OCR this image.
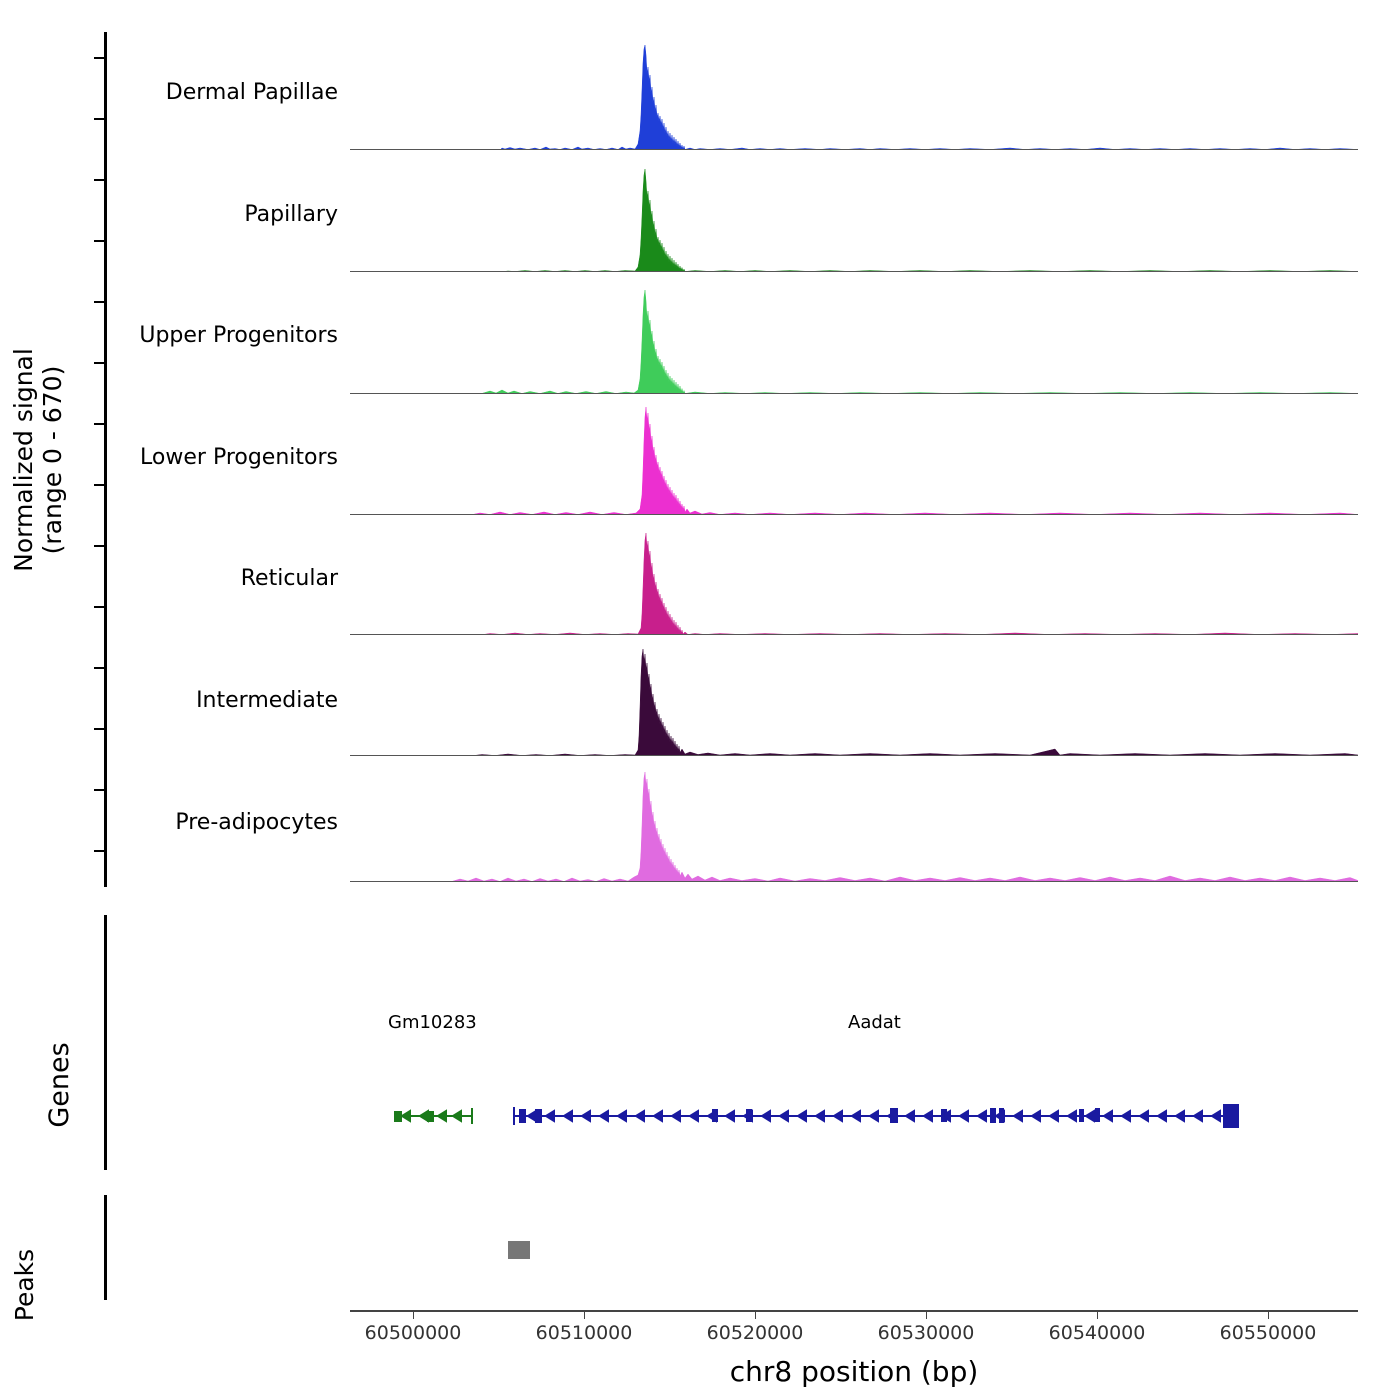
Normalized signal
(range 0 - 670)
Genes
Peaks
Dermal Papillae
Papillary
Upper Progenitors
Lower Progenitors
Reticular
Intermediate
Pre-adipocytes
Gm10283	Aadat
60500000	60510000	60520000	60530000	60540000	60550000
chr8 position (bp)
